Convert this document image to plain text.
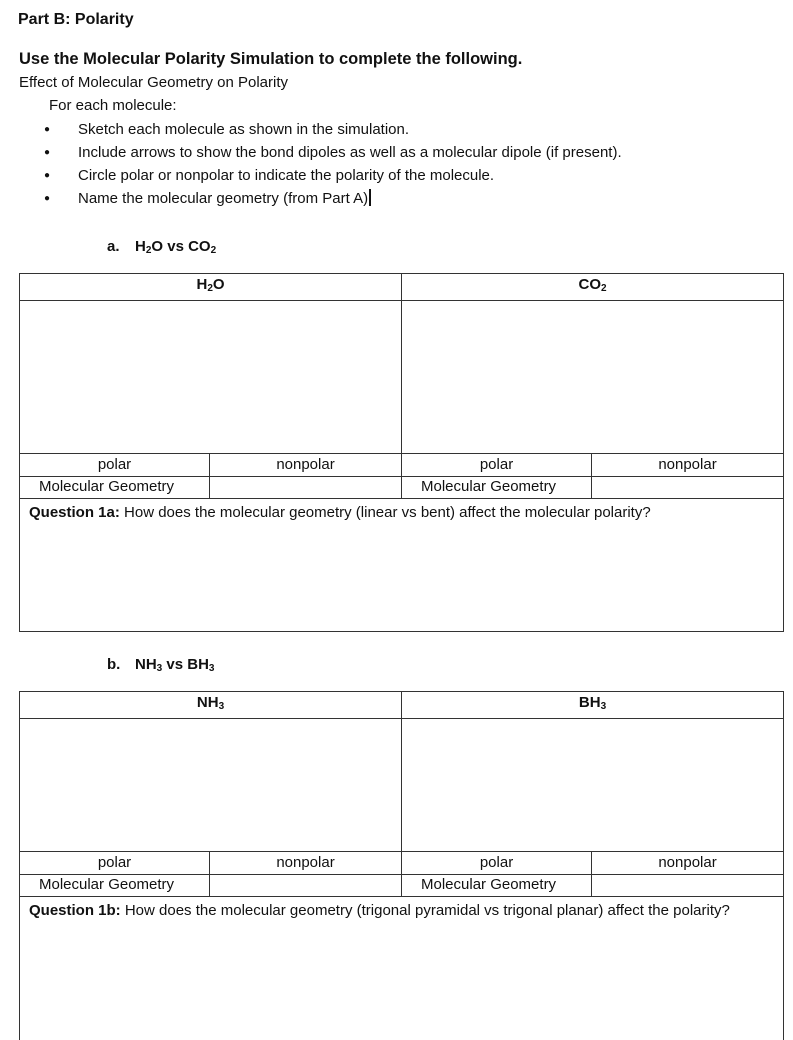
Part B: Polarity
Use the Molecular Polarity Simulation to complete the following.
Effect of Molecular Geometry on Polarity
For each molecule:
● Sketch each molecule as shown in the simulation.
● Include arrows to show the bond dipoles as well as a molecular dipole (if present).
● Circle polar or nonpolar to indicate the polarity of the molecule.
● Name the molecular geometry (from Part A)
a. $H_2O$ vs $CO_2$
$H_2O$		$CO_2$

polar	nonpolar	polar	nonpolar
Molecular Geometry		Molecular Geometry	
Question 1a: How does the molecular geometry (linear vs bent) affect the molecular polarity?			
b. $NH_3$ vs $BH_3$
$NH_3$		$BH_3$

polar	nonpolar	polar	nonpolar
Molecular Geometry		Molecular Geometry	
Question 1b: How does the molecular geometry (trigonal pyramidal vs trigonal planar) affect the polarity?			
